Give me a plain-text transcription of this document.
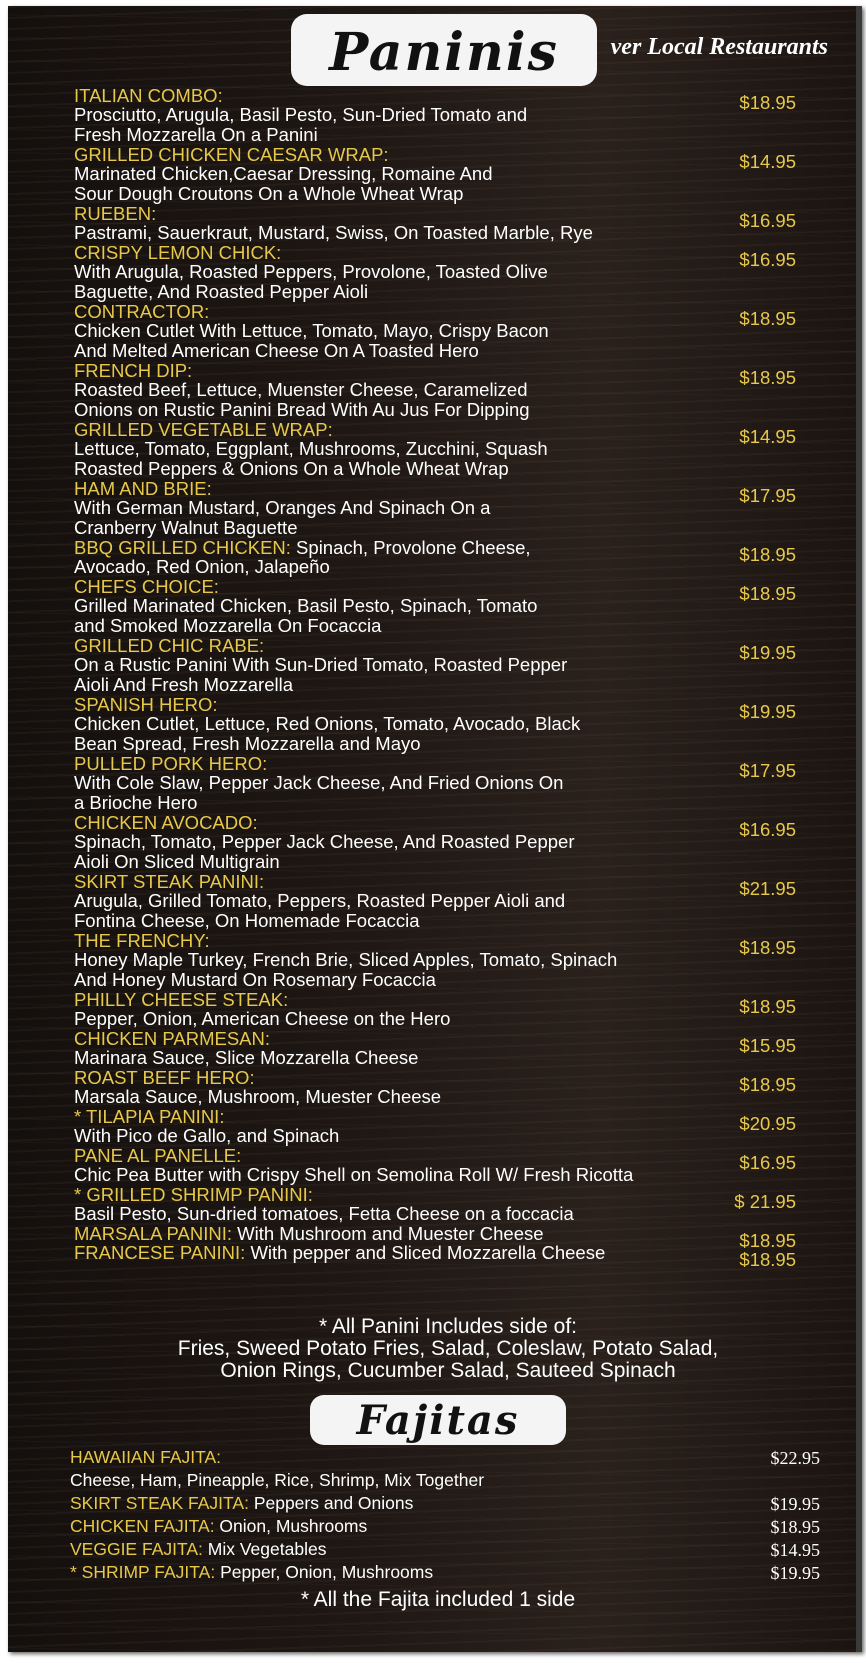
Paninis	ver Local Restaurants
ITALIAN COMBO:
Prosciutto, Arugula, Basil Pesto, Sun-Dried Tomato and
Fresh Mozzarella On a Panini
$18.95
GRILLED CHICKEN CAESAR WRAP:
Marinated Chicken,Caesar Dressing, Romaine And
Sour Dough Croutons On a Whole Wheat Wrap
$14.95
RUEBEN:
Pastrami, Sauerkraut, Mustard, Swiss, On Toasted Marble, Rye
$16.95
CRISPY LEMON CHICK:
With Arugula, Roasted Peppers, Provolone, Toasted Olive
Baguette, And Roasted Pepper Aioli
$16.95
CONTRACTOR:
Chicken Cutlet With Lettuce, Tomato, Mayo, Crispy Bacon
And Melted American Cheese On A Toasted Hero
$18.95
FRENCH DIP:
Roasted Beef, Lettuce, Muenster Cheese, Caramelized
Onions on Rustic Panini Bread With Au Jus For Dipping
$18.95
GRILLED VEGETABLE WRAP:
Lettuce, Tomato, Eggplant, Mushrooms, Zucchini, Squash
Roasted Peppers & Onions On a Whole Wheat Wrap
$14.95
HAM AND BRIE:
With German Mustard, Oranges And Spinach On a
Cranberry Walnut Baguette
$17.95
BBQ GRILLED CHICKEN: Spinach, Provolone Cheese,
Avocado, Red Onion, Jalapeño
$18.95
CHEFS CHOICE:
Grilled Marinated Chicken, Basil Pesto, Spinach, Tomato
and Smoked Mozzarella On Focaccia
$18.95
GRILLED CHIC RABE:
On a Rustic Panini With Sun-Dried Tomato, Roasted Pepper
Aioli And Fresh Mozzarella
$19.95
SPANISH HERO:
Chicken Cutlet, Lettuce, Red Onions, Tomato, Avocado, Black
Bean Spread, Fresh Mozzarella and Mayo
$19.95
PULLED PORK HERO:
With Cole Slaw, Pepper Jack Cheese, And Fried Onions On
a Brioche Hero
$17.95
CHICKEN AVOCADO:
Spinach, Tomato, Pepper Jack Cheese, And Roasted Pepper
Aioli On Sliced Multigrain
$16.95
SKIRT STEAK PANINI:
Arugula, Grilled Tomato, Peppers, Roasted Pepper Aioli and
Fontina Cheese, On Homemade Focaccia
$21.95
THE FRENCHY:
Honey Maple Turkey, French Brie, Sliced Apples, Tomato, Spinach
And Honey Mustard On Rosemary Focaccia
$18.95
PHILLY CHEESE STEAK:
Pepper, Onion, American Cheese on the Hero
$18.95
CHICKEN PARMESAN:
Marinara Sauce, Slice Mozzarella Cheese
$15.95
ROAST BEEF HERO:
Marsala Sauce, Mushroom, Muester Cheese
$18.95
* TILAPIA PANINI:
With Pico de Gallo, and Spinach
$20.95
PANE AL PANELLE:
Chic Pea Butter with Crispy Shell on Semolina Roll W/ Fresh Ricotta
$16.95
* GRILLED SHRIMP PANINI:
Basil Pesto, Sun-dried tomatoes, Fetta Cheese on a foccacia
$ 21.95
MARSALA PANINI: With Mushroom and Muester Cheese	$18.95
FRANCESE PANINI: With pepper and Sliced Mozzarella Cheese	$18.95
* All Panini Includes side of:
Fries, Sweed Potato Fries, Salad, Coleslaw, Potato Salad,
Onion Rings, Cucumber Salad, Sauteed Spinach
Fajitas
HAWAIIAN FAJITA:	$22.95
Cheese, Ham, Pineapple, Rice, Shrimp, Mix Together
SKIRT STEAK FAJITA: Peppers and Onions	$19.95
CHICKEN FAJITA: Onion, Mushrooms	$18.95
VEGGIE FAJITA: Mix Vegetables	$14.95
* SHRIMP FAJITA: Pepper, Onion, Mushrooms	$19.95
* All the Fajita included 1 side
